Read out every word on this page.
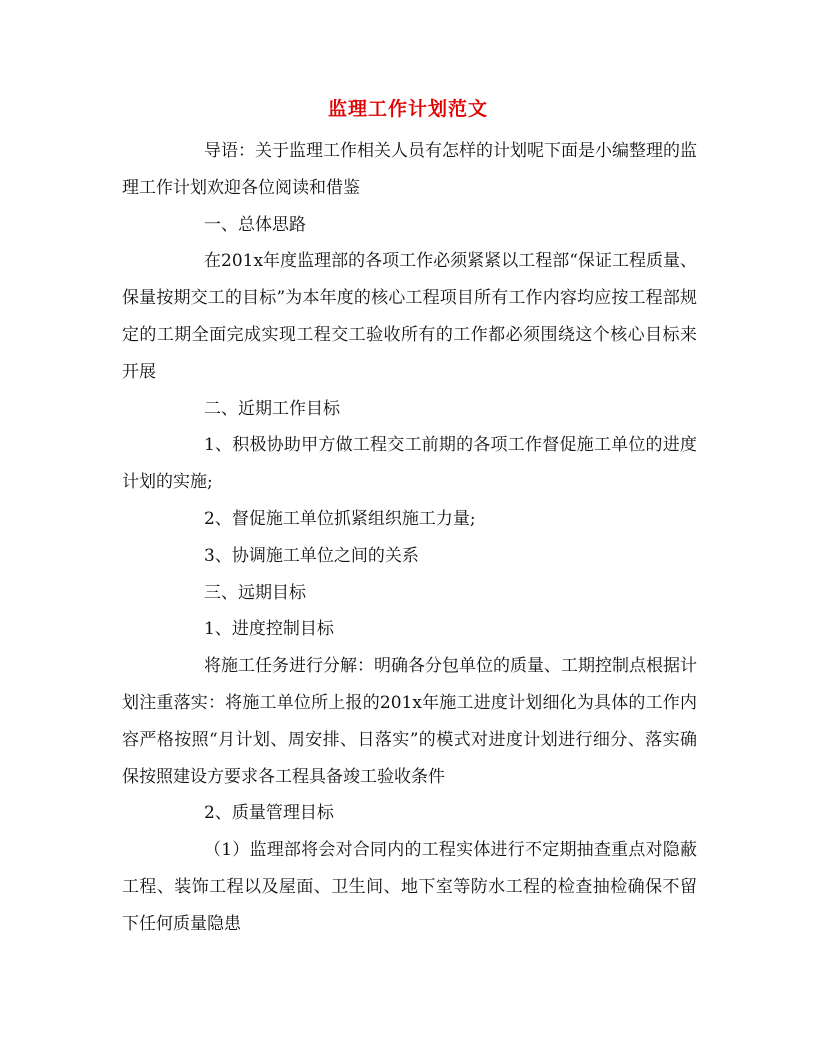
监理工作计划范文

导语：关于监理工作相关人员有怎样的计划呢下面是小编整理的监理工作计划欢迎各位阅读和借鉴

一、总体思路

在201x年度监理部的各项工作必须紧紧以工程部“保证工程质量、保量按期交工的目标”为本年度的核心工程项目所有工作内容均应按工程部规定的工期全面完成实现工程交工验收所有的工作都必须围绕这个核心目标来开展

二、近期工作目标

1、积极协助甲方做工程交工前期的各项工作督促施工单位的进度计划的实施;

2、督促施工单位抓紧组织施工力量;

3、协调施工单位之间的关系

三、远期目标

1、进度控制目标

将施工任务进行分解：明确各分包单位的质量、工期控制点根据计划注重落实：将施工单位所上报的201x年施工进度计划细化为具体的工作内容严格按照“月计划、周安排、日落实”的模式对进度计划进行细分、落实确保按照建设方要求各工程具备竣工验收条件

2、质量管理目标

（1）监理部将会对合同内的工程实体进行不定期抽查重点对隐蔽工程、装饰工程以及屋面、卫生间、地下室等防水工程的检查抽检确保不留下任何质量隐患
